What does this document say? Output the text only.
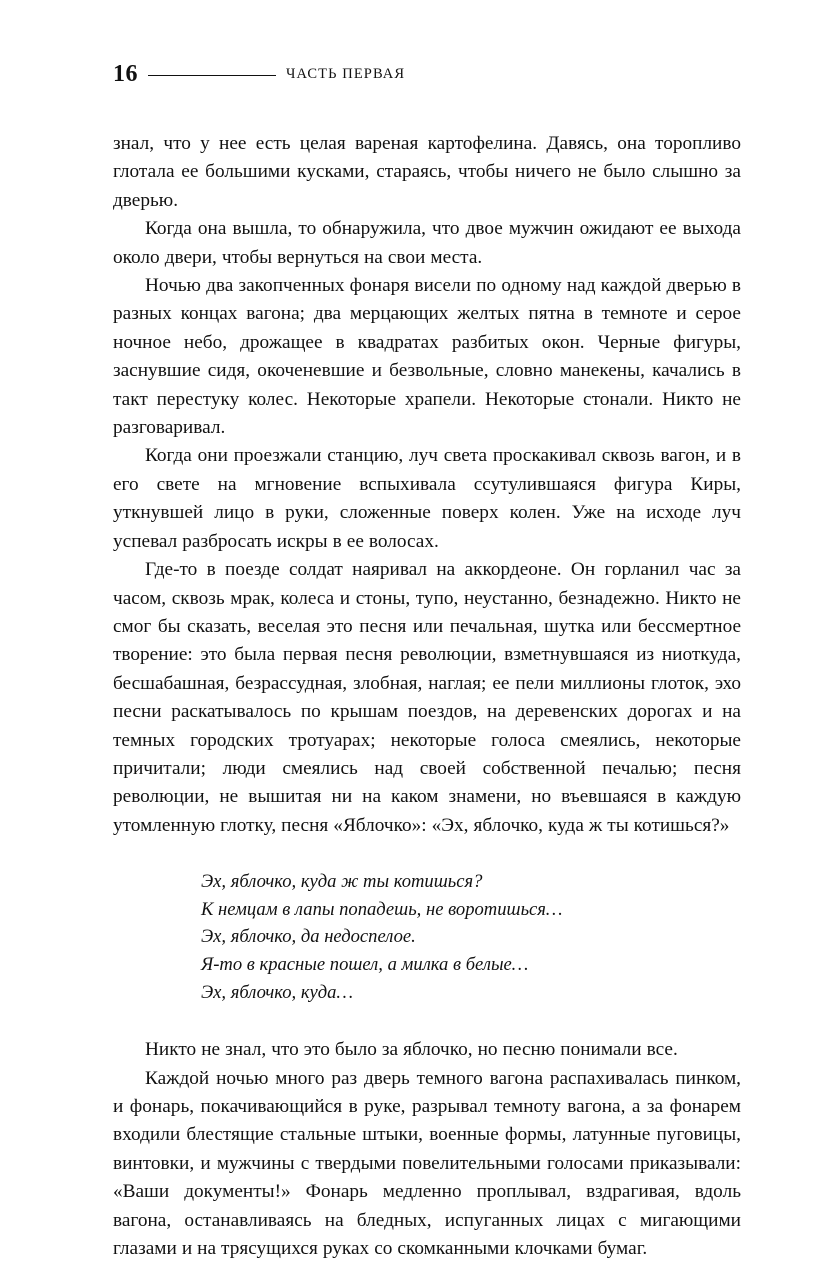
16	ЧАСТЬ ПЕРВАЯ

знал, что у нее есть целая вареная картофелина. Давясь, она торопливо глотала ее большими кусками, стараясь, чтобы ничего не было слышно за дверью.

Когда она вышла, то обнаружила, что двое мужчин ожидают ее выхода около двери, чтобы вернуться на свои места.

Ночью два закопченных фонаря висели по одному над каждой дверью в разных концах вагона; два мерцающих желтых пятна в темноте и серое ночное небо, дрожащее в квадратах разбитых окон. Черные фигуры, заснувшие сидя, окоченевшие и безвольные, словно манекены, качались в такт перестуку колес. Некоторые храпели. Некоторые стонали. Никто не разговаривал.

Когда они проезжали станцию, луч света проскакивал сквозь вагон, и в его свете на мгновение вспыхивала ссутулившаяся фигура Киры, уткнувшей лицо в руки, сложенные поверх колен. Уже на исходе луч успевал разбросать искры в ее волосах.

Где-то в поезде солдат наяривал на аккордеоне. Он горланил час за часом, сквозь мрак, колеса и стоны, тупо, неустанно, безнадежно. Никто не смог бы сказать, веселая это песня или печальная, шутка или бессмертное творение: это была первая песня революции, взметнувшаяся из ниоткуда, бесшабашная, безрассудная, злобная, наглая; ее пели миллионы глоток, эхо песни раскатывалось по крышам поездов, на деревенских дорогах и на темных городских тротуарах; некоторые голоса смеялись, некоторые причитали; люди смеялись над своей собственной печалью; песня революции, не вышитая ни на каком знамени, но въевшаяся в каждую утомленную глотку, песня «Яблочко»: «Эх, яблочко, куда ж ты котишься?»

Эх, яблочко, куда ж ты котишься?
К немцам в лапы попадешь, не воротишься…
Эх, яблочко, да недоспелое.
Я-то в красные пошел, а милка в белые…
Эх, яблочко, куда…

Никто не знал, что это было за яблочко, но песню понимали все.

Каждой ночью много раз дверь темного вагона распахивалась пинком, и фонарь, покачивающийся в руке, разрывал темноту вагона, а за фонарем входили блестящие стальные штыки, военные формы, латунные пуговицы, винтовки, и мужчины с твердыми повелительными голосами приказывали: «Ваши документы!» Фонарь медленно проплывал, вздрагивая, вдоль вагона, останавливаясь на бледных, испуганных лицах с мигающими глазами и на трясущихся руках со скомканными клочками бумаг.
